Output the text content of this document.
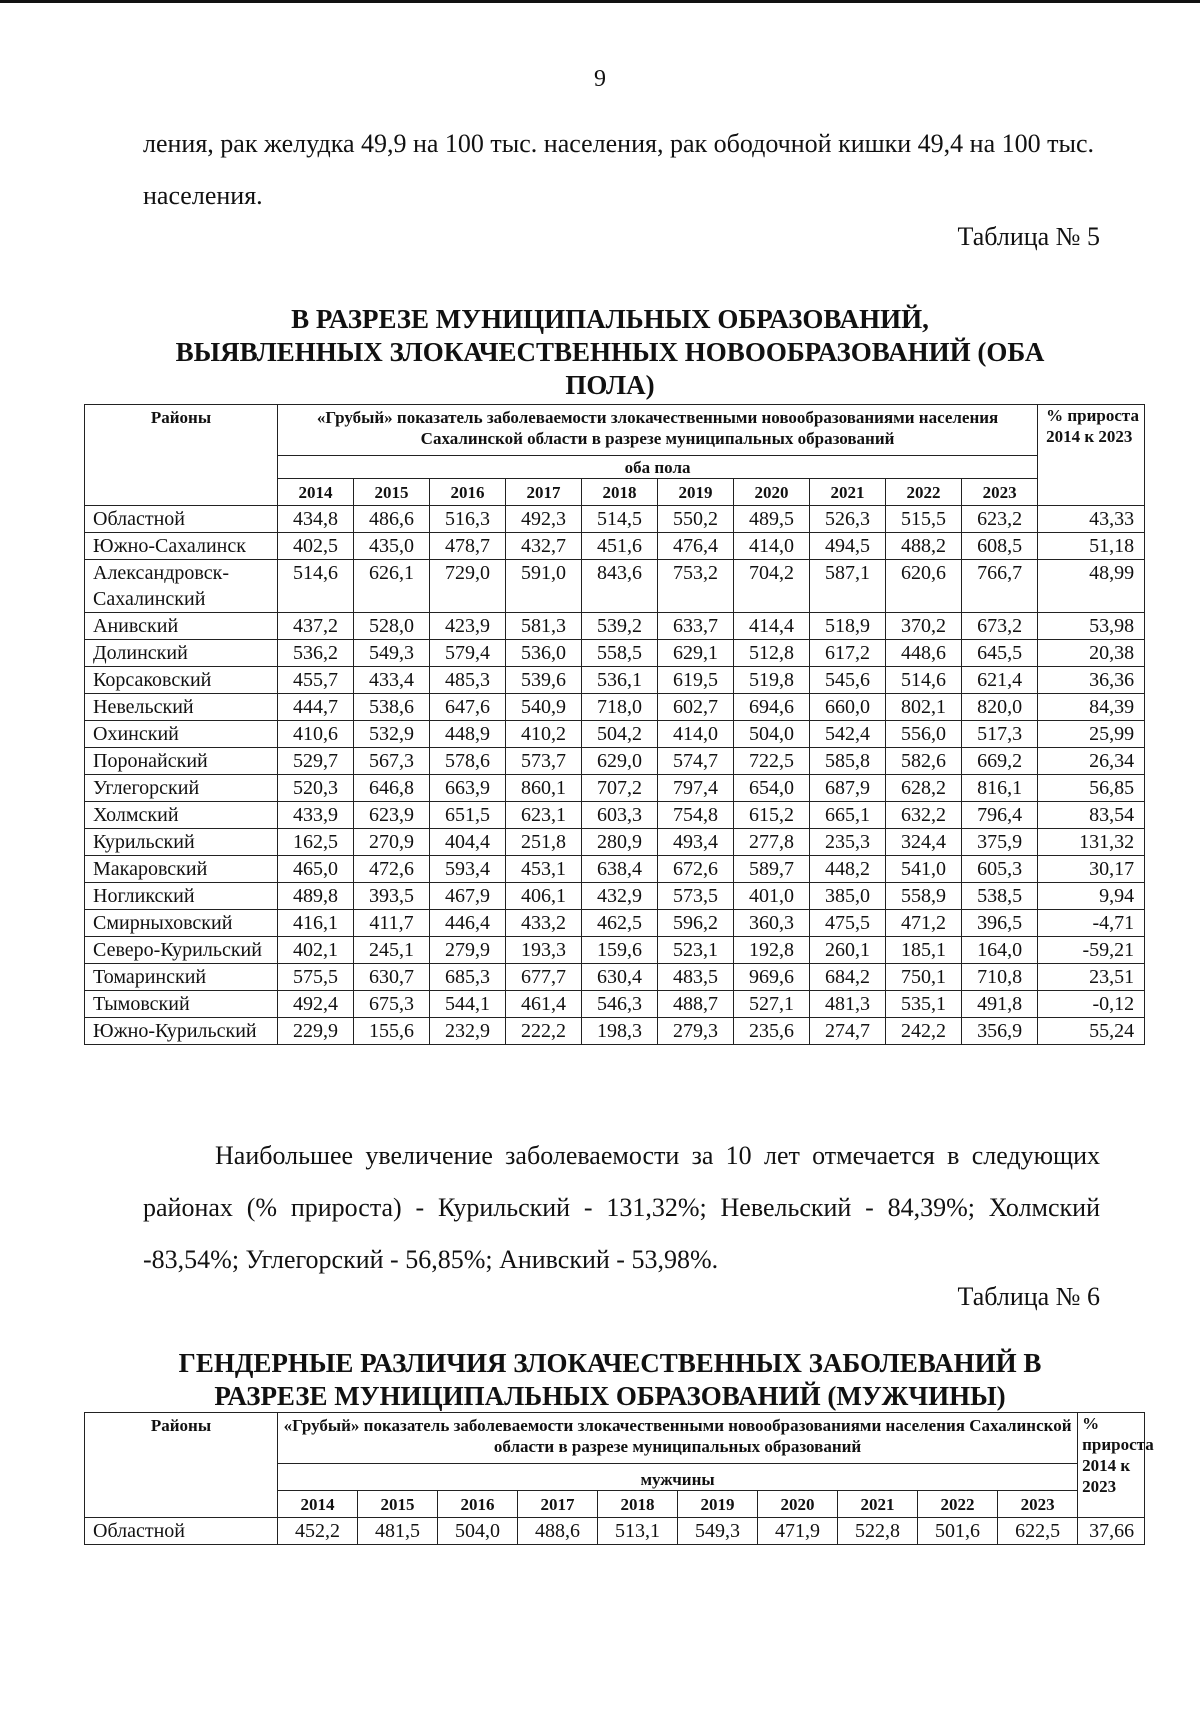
9
ления, рак желудка 49,9 на 100 тыс. населения, рак ободочной кишки 49,4 на 100 тыс. населения.
Таблица № 5
В РАЗРЕЗЕ МУНИЦИПАЛЬНЫХ ОБРАЗОВАНИЙ,
ВЫЯВЛЕННЫХ ЗЛОКАЧЕСТВЕННЫХ НОВООБРАЗОВАНИЙ (ОБА
ПОЛА)
Районы	«Грубый» показатель заболеваемости злокачественными новообразованиями населения Сахалинской области в разрезе муниципальных образований										% прироста 2014 к 2023
	оба пола										
	2014	2015	2016	2017	2018	2019	2020	2021	2022	2023	
Областной	434,8	486,6	516,3	492,3	514,5	550,2	489,5	526,3	515,5	623,2	43,33
Южно-Сахалинск	402,5	435,0	478,7	432,7	451,6	476,4	414,0	494,5	488,2	608,5	51,18
Александровск-Сахалинский	514,6	626,1	729,0	591,0	843,6	753,2	704,2	587,1	620,6	766,7	48,99
Анивский	437,2	528,0	423,9	581,3	539,2	633,7	414,4	518,9	370,2	673,2	53,98
Долинский	536,2	549,3	579,4	536,0	558,5	629,1	512,8	617,2	448,6	645,5	20,38
Корсаковский	455,7	433,4	485,3	539,6	536,1	619,5	519,8	545,6	514,6	621,4	36,36
Невельский	444,7	538,6	647,6	540,9	718,0	602,7	694,6	660,0	802,1	820,0	84,39
Охинский	410,6	532,9	448,9	410,2	504,2	414,0	504,0	542,4	556,0	517,3	25,99
Поронайский	529,7	567,3	578,6	573,7	629,0	574,7	722,5	585,8	582,6	669,2	26,34
Углегорский	520,3	646,8	663,9	860,1	707,2	797,4	654,0	687,9	628,2	816,1	56,85
Холмский	433,9	623,9	651,5	623,1	603,3	754,8	615,2	665,1	632,2	796,4	83,54
Курильский	162,5	270,9	404,4	251,8	280,9	493,4	277,8	235,3	324,4	375,9	131,32
Макаровский	465,0	472,6	593,4	453,1	638,4	672,6	589,7	448,2	541,0	605,3	30,17
Ногликский	489,8	393,5	467,9	406,1	432,9	573,5	401,0	385,0	558,9	538,5	9,94
Смирныховский	416,1	411,7	446,4	433,2	462,5	596,2	360,3	475,5	471,2	396,5	-4,71
Северо-Курильский	402,1	245,1	279,9	193,3	159,6	523,1	192,8	260,1	185,1	164,0	-59,21
Томаринский	575,5	630,7	685,3	677,7	630,4	483,5	969,6	684,2	750,1	710,8	23,51
Тымовский	492,4	675,3	544,1	461,4	546,3	488,7	527,1	481,3	535,1	491,8	-0,12
Южно-Курильский	229,9	155,6	232,9	222,2	198,3	279,3	235,6	274,7	242,2	356,9	55,24
Наибольшее увеличение заболеваемости за 10 лет отмечается в следующих районах (% прироста) - Курильский - 131,32%; Невельский - 84,39%; Холмский -83,54%; Углегорский - 56,85%; Анивский - 53,98%.
Таблица № 6
ГЕНДЕРНЫЕ РАЗЛИЧИЯ ЗЛОКАЧЕСТВЕННЫХ ЗАБОЛЕВАНИЙ В
РАЗРЕЗЕ МУНИЦИПАЛЬНЫХ ОБРАЗОВАНИЙ (МУЖЧИНЫ)
Районы	«Грубый» показатель заболеваемости злокачественными новообразованиями населения Сахалинской области в разрезе муниципальных образований										% прироста 2014 к 2023
	мужчины										
	2014	2015	2016	2017	2018	2019	2020	2021	2022	2023	
Областной	452,2	481,5	504,0	488,6	513,1	549,3	471,9	522,8	501,6	622,5	37,66
